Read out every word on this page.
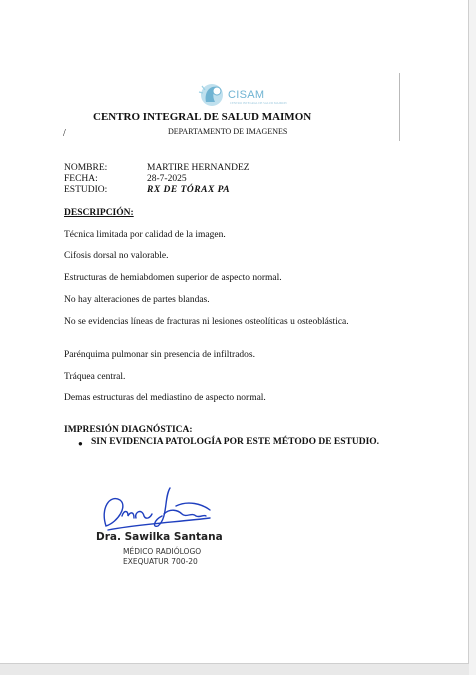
CISAM
CENTRO INTEGRAL DE SALUD MAIMON
CENTRO INTEGRAL DE SALUD MAIMON
/	DEPARTAMENTO DE IMAGENES
NOMBRE:	MARTIRE HERNANDEZ
FECHA:	28-7-2025
ESTUDIO:	RX DE TÓRAX PA
DESCRIPCIÓN:
Técnica limitada por calidad de la imagen.
Cifosis dorsal no valorable.
Estructuras de hemiabdomen superior de aspecto normal.
No hay alteraciones de partes blandas.
No se evidencias líneas de fracturas ni lesiones osteolíticas u osteoblástica.
Parénquima pulmonar sin presencia de infiltrados.
Tráquea central.
Demas estructuras del mediastino de aspecto normal.
IMPRESIÓN DIAGNÓSTICA:
● SIN EVIDENCIA PATOLOGÍA POR ESTE MÉTODO DE ESTUDIO.
Dra. Sawilka Santana
MÉDICO RADIÓLOGO
EXEQUATUR 700-20
